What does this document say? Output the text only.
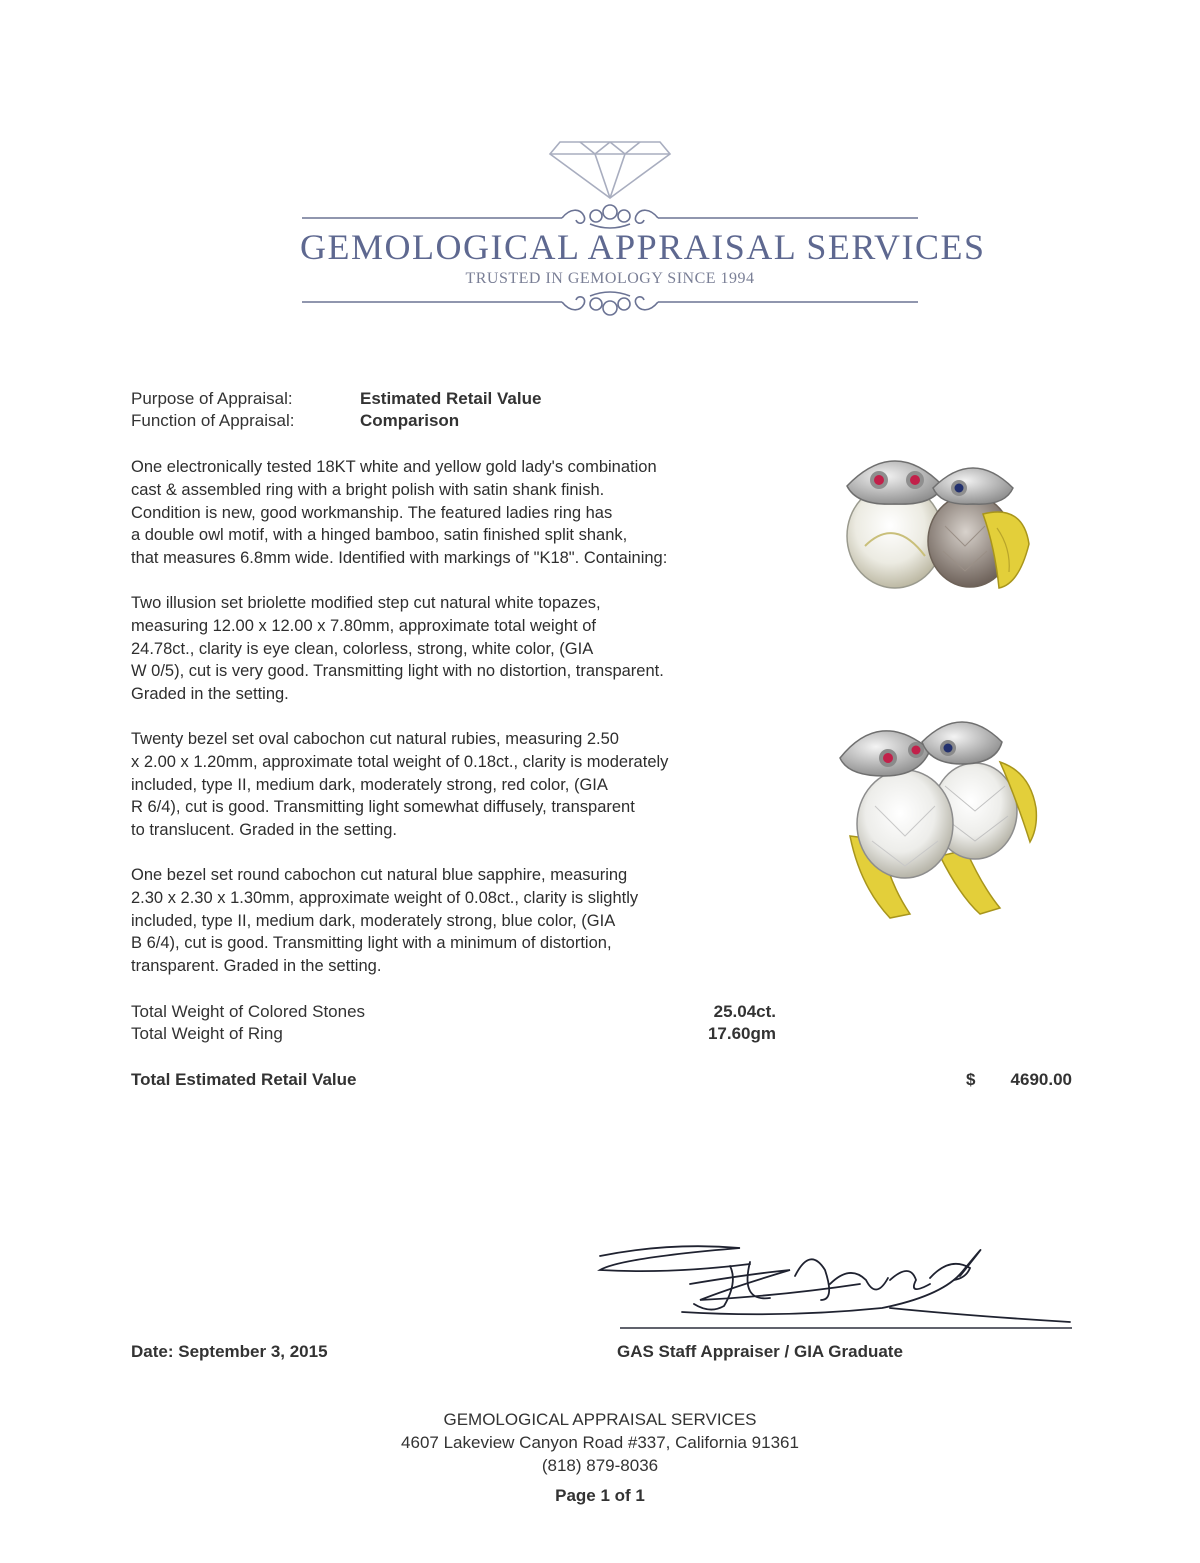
GEMOLOGICAL APPRAISAL SERVICES
TRUSTED IN GEMOLOGY SINCE 1994
Purpose of Appraisal:	Estimated Retail Value
Function of Appraisal:	Comparison
One electronically tested 18KT white and yellow gold lady's combination
cast & assembled ring with a bright polish with satin shank finish.
Condition is new, good workmanship. The featured ladies ring has
a double owl motif, with a hinged bamboo, satin finished split shank,
that measures 6.8mm wide. Identified with markings of "K18". Containing:
Two illusion set briolette modified step cut natural white topazes,
measuring 12.00 x 12.00 x 7.80mm, approximate total weight of
24.78ct., clarity is eye clean, colorless, strong, white color, (GIA
W 0/5), cut is very good. Transmitting light with no distortion, transparent.
Graded in the setting.
Twenty bezel set oval cabochon cut natural rubies, measuring 2.50
x 2.00 x 1.20mm, approximate total weight of 0.18ct., clarity is moderately
included, type II, medium dark, moderately strong, red color, (GIA
R 6/4), cut is good. Transmitting light somewhat diffusely, transparent
to translucent. Graded in the setting.
One bezel set round cabochon cut natural blue sapphire, measuring
2.30 x 2.30 x 1.30mm, approximate weight of 0.08ct., clarity is slightly
included, type II, medium dark, moderately strong, blue color, (GIA
B 6/4), cut is good. Transmitting light with a minimum of distortion,
transparent. Graded in the setting.
Total Weight of Colored Stones	25.04ct.
Total Weight of Ring	17.60gm
Total Estimated Retail Value	$	4690.00
Date: September 3, 2015	GAS Staff Appraiser / GIA Graduate
GEMOLOGICAL APPRAISAL SERVICES
4607 Lakeview Canyon Road #337, California 91361
(818) 879-8036
Page 1 of 1
